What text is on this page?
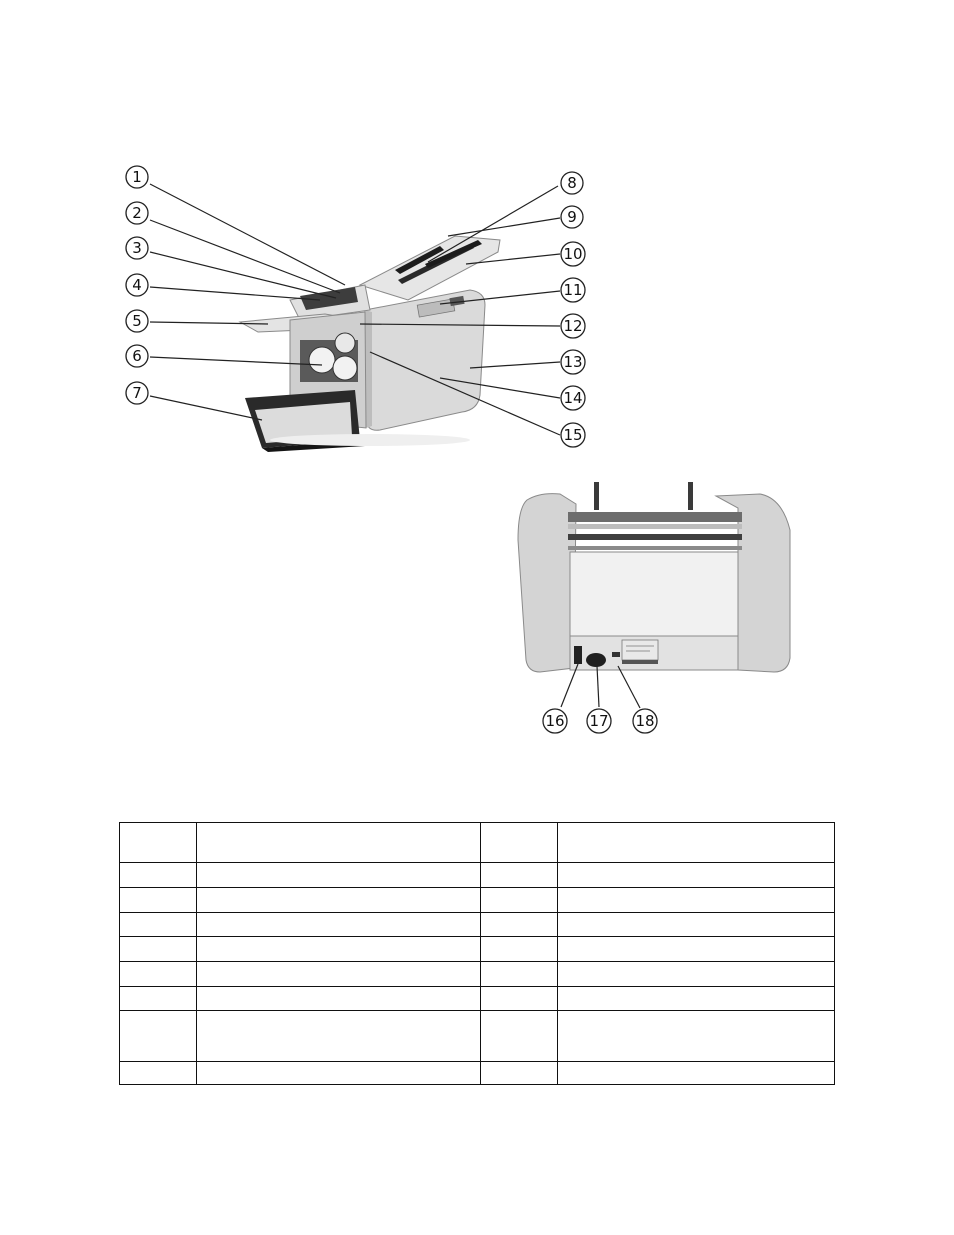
1
2
3
4
5
6
7
8
9
10
11
12
13
14
15
16 17 18
